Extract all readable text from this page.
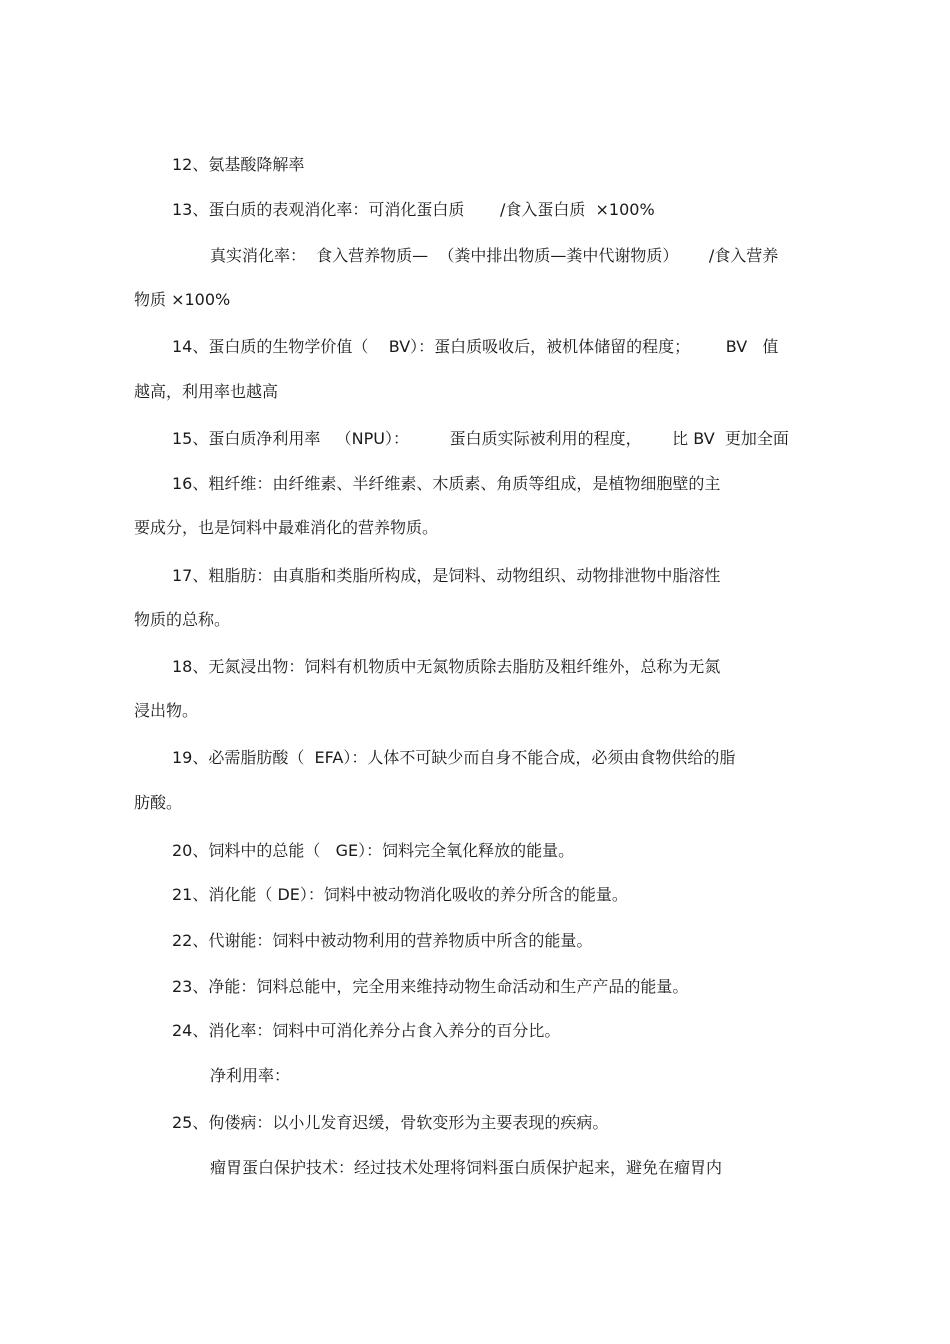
12、氨基酸降解率
13、蛋白质的表观消化率：可消化蛋白质       /食入蛋白质  ×100%
真实消化率：  食入营养物质—  （粪中排出物质—粪中代谢物质）      /食入营养
物质 ×100%
14、蛋白质的生物学价值（    BV）：蛋白质吸收后，被机体储留的程度；       BV   值
越高，利用率也越高
15、蛋白质净利用率   （NPU）：        蛋白质实际被利用的程度，      比 BV  更加全面
16、粗纤维：由纤维素、半纤维素、木质素、角质等组成，是植物细胞壁的主
要成分，也是饲料中最难消化的营养物质。
17、粗脂肪：由真脂和类脂所构成，是饲料、动物组织、动物排泄物中脂溶性
物质的总称。
18、无氮浸出物：饲料有机物质中无氮物质除去脂肪及粗纤维外，总称为无氮
浸出物。
19、必需脂肪酸（  EFA）：人体不可缺少而自身不能合成，必须由食物供给的脂
肪酸。
20、饲料中的总能（   GE）：饲料完全氧化释放的能量。
21、消化能（ DE）：饲料中被动物消化吸收的养分所含的能量。
22、代谢能：饲料中被动物利用的营养物质中所含的能量。
23、净能：饲料总能中，完全用来维持动物生命活动和生产产品的能量。
24、消化率：饲料中可消化养分占食入养分的百分比。
净利用率：
25、佝偻病：以小儿发育迟缓，骨软变形为主要表现的疾病。
瘤胃蛋白保护技术：经过技术处理将饲料蛋白质保护起来，避免在瘤胃内
